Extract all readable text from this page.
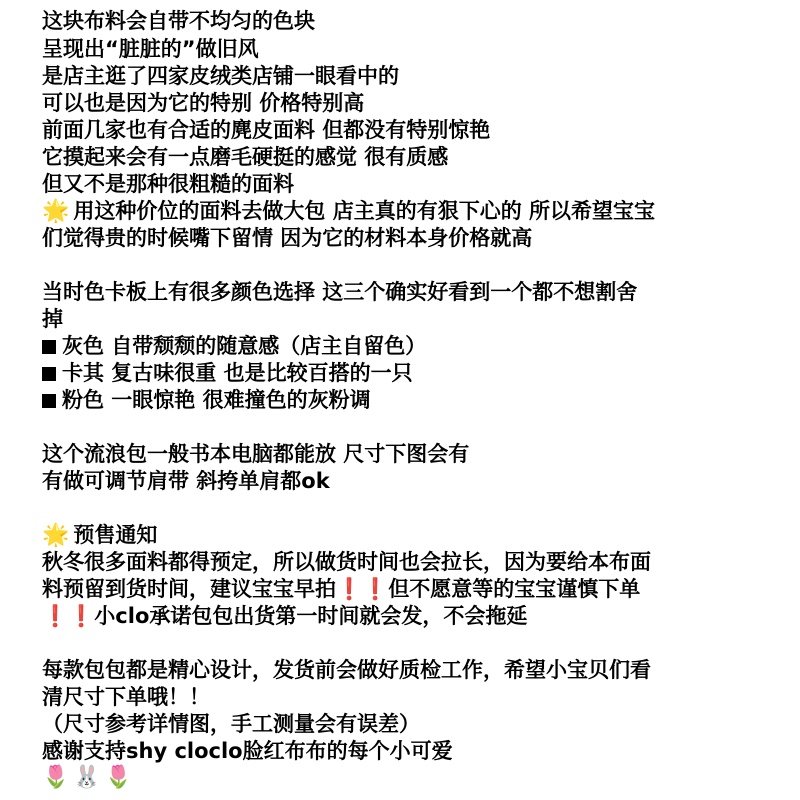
这块布料会自带不均匀的色块
呈现出“脏脏的”做旧风
是店主逛了四家皮绒类店铺一眼看中的
可以也是因为它的特别 价格特别高
前面几家也有合适的麂皮面料 但都没有特别惊艳
它摸起来会有一点磨毛硬挺的感觉 很有质感
但又不是那种很粗糙的面料
🌟 用这种价位的面料去做大包 店主真的有狠下心的 所以希望宝宝
们觉得贵的时候嘴下留情 因为它的材料本身价格就高
当时色卡板上有很多颜色选择 这三个确实好看到一个都不想割舍
掉
灰色 自带颓颓的随意感（店主自留色）
卡其 复古味很重 也是比较百搭的一只
粉色 一眼惊艳 很难撞色的灰粉调
这个流浪包一般书本电脑都能放 尺寸下图会有
有做可调节肩带 斜挎单肩都ok
🌟 预售通知
秋冬很多面料都得预定，所以做货时间也会拉长，因为要给本布面
料预留到货时间，建议宝宝早拍❗❗但不愿意等的宝宝谨慎下单
❗❗小clo承诺包包出货第一时间就会发，不会拖延
每款包包都是精心设计，发货前会做好质检工作，希望小宝贝们看
清尺寸下单哦！！
（尺寸参考详情图，手工测量会有误差）
感谢支持shy cloclo脸红布布的每个小可爱
🌷 🐰 🌷
